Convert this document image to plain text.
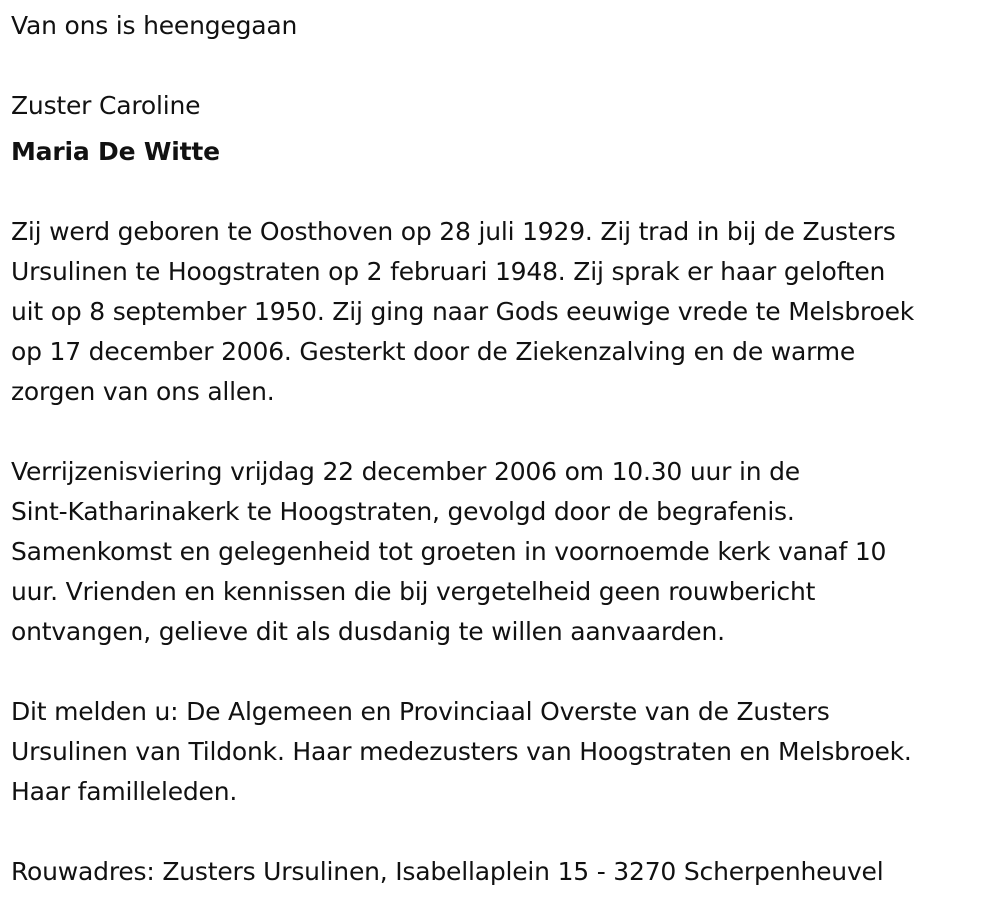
Van ons is heengegaan

Zuster Caroline

Maria De Witte

Zij werd geboren te Oosthoven op 28 juli 1929. Zij trad in bij de Zusters
Ursulinen te Hoogstraten op 2 februari 1948. Zij sprak er haar geloften
uit op 8 september 1950. Zij ging naar Gods eeuwige vrede te Melsbroek
op 17 december 2006. Gesterkt door de Ziekenzalving en de warme
zorgen van ons allen.
Verrijzenisviering vrijdag 22 december 2006 om 10.30 uur in de
Sint-Katharinakerk te Hoogstraten, gevolgd door de begrafenis.
Samenkomst en gelegenheid tot groeten in voornoemde kerk vanaf 10
uur. Vrienden en kennissen die bij vergetelheid geen rouwbericht
ontvangen, gelieve dit als dusdanig te willen aanvaarden.
Dit melden u: De Algemeen en Provinciaal Overste van de Zusters
Ursulinen van Tildonk. Haar medezusters van Hoogstraten en Melsbroek.
Haar familleleden.
Rouwadres: Zusters Ursulinen, Isabellaplein 15 - 3270 Scherpenheuvel
